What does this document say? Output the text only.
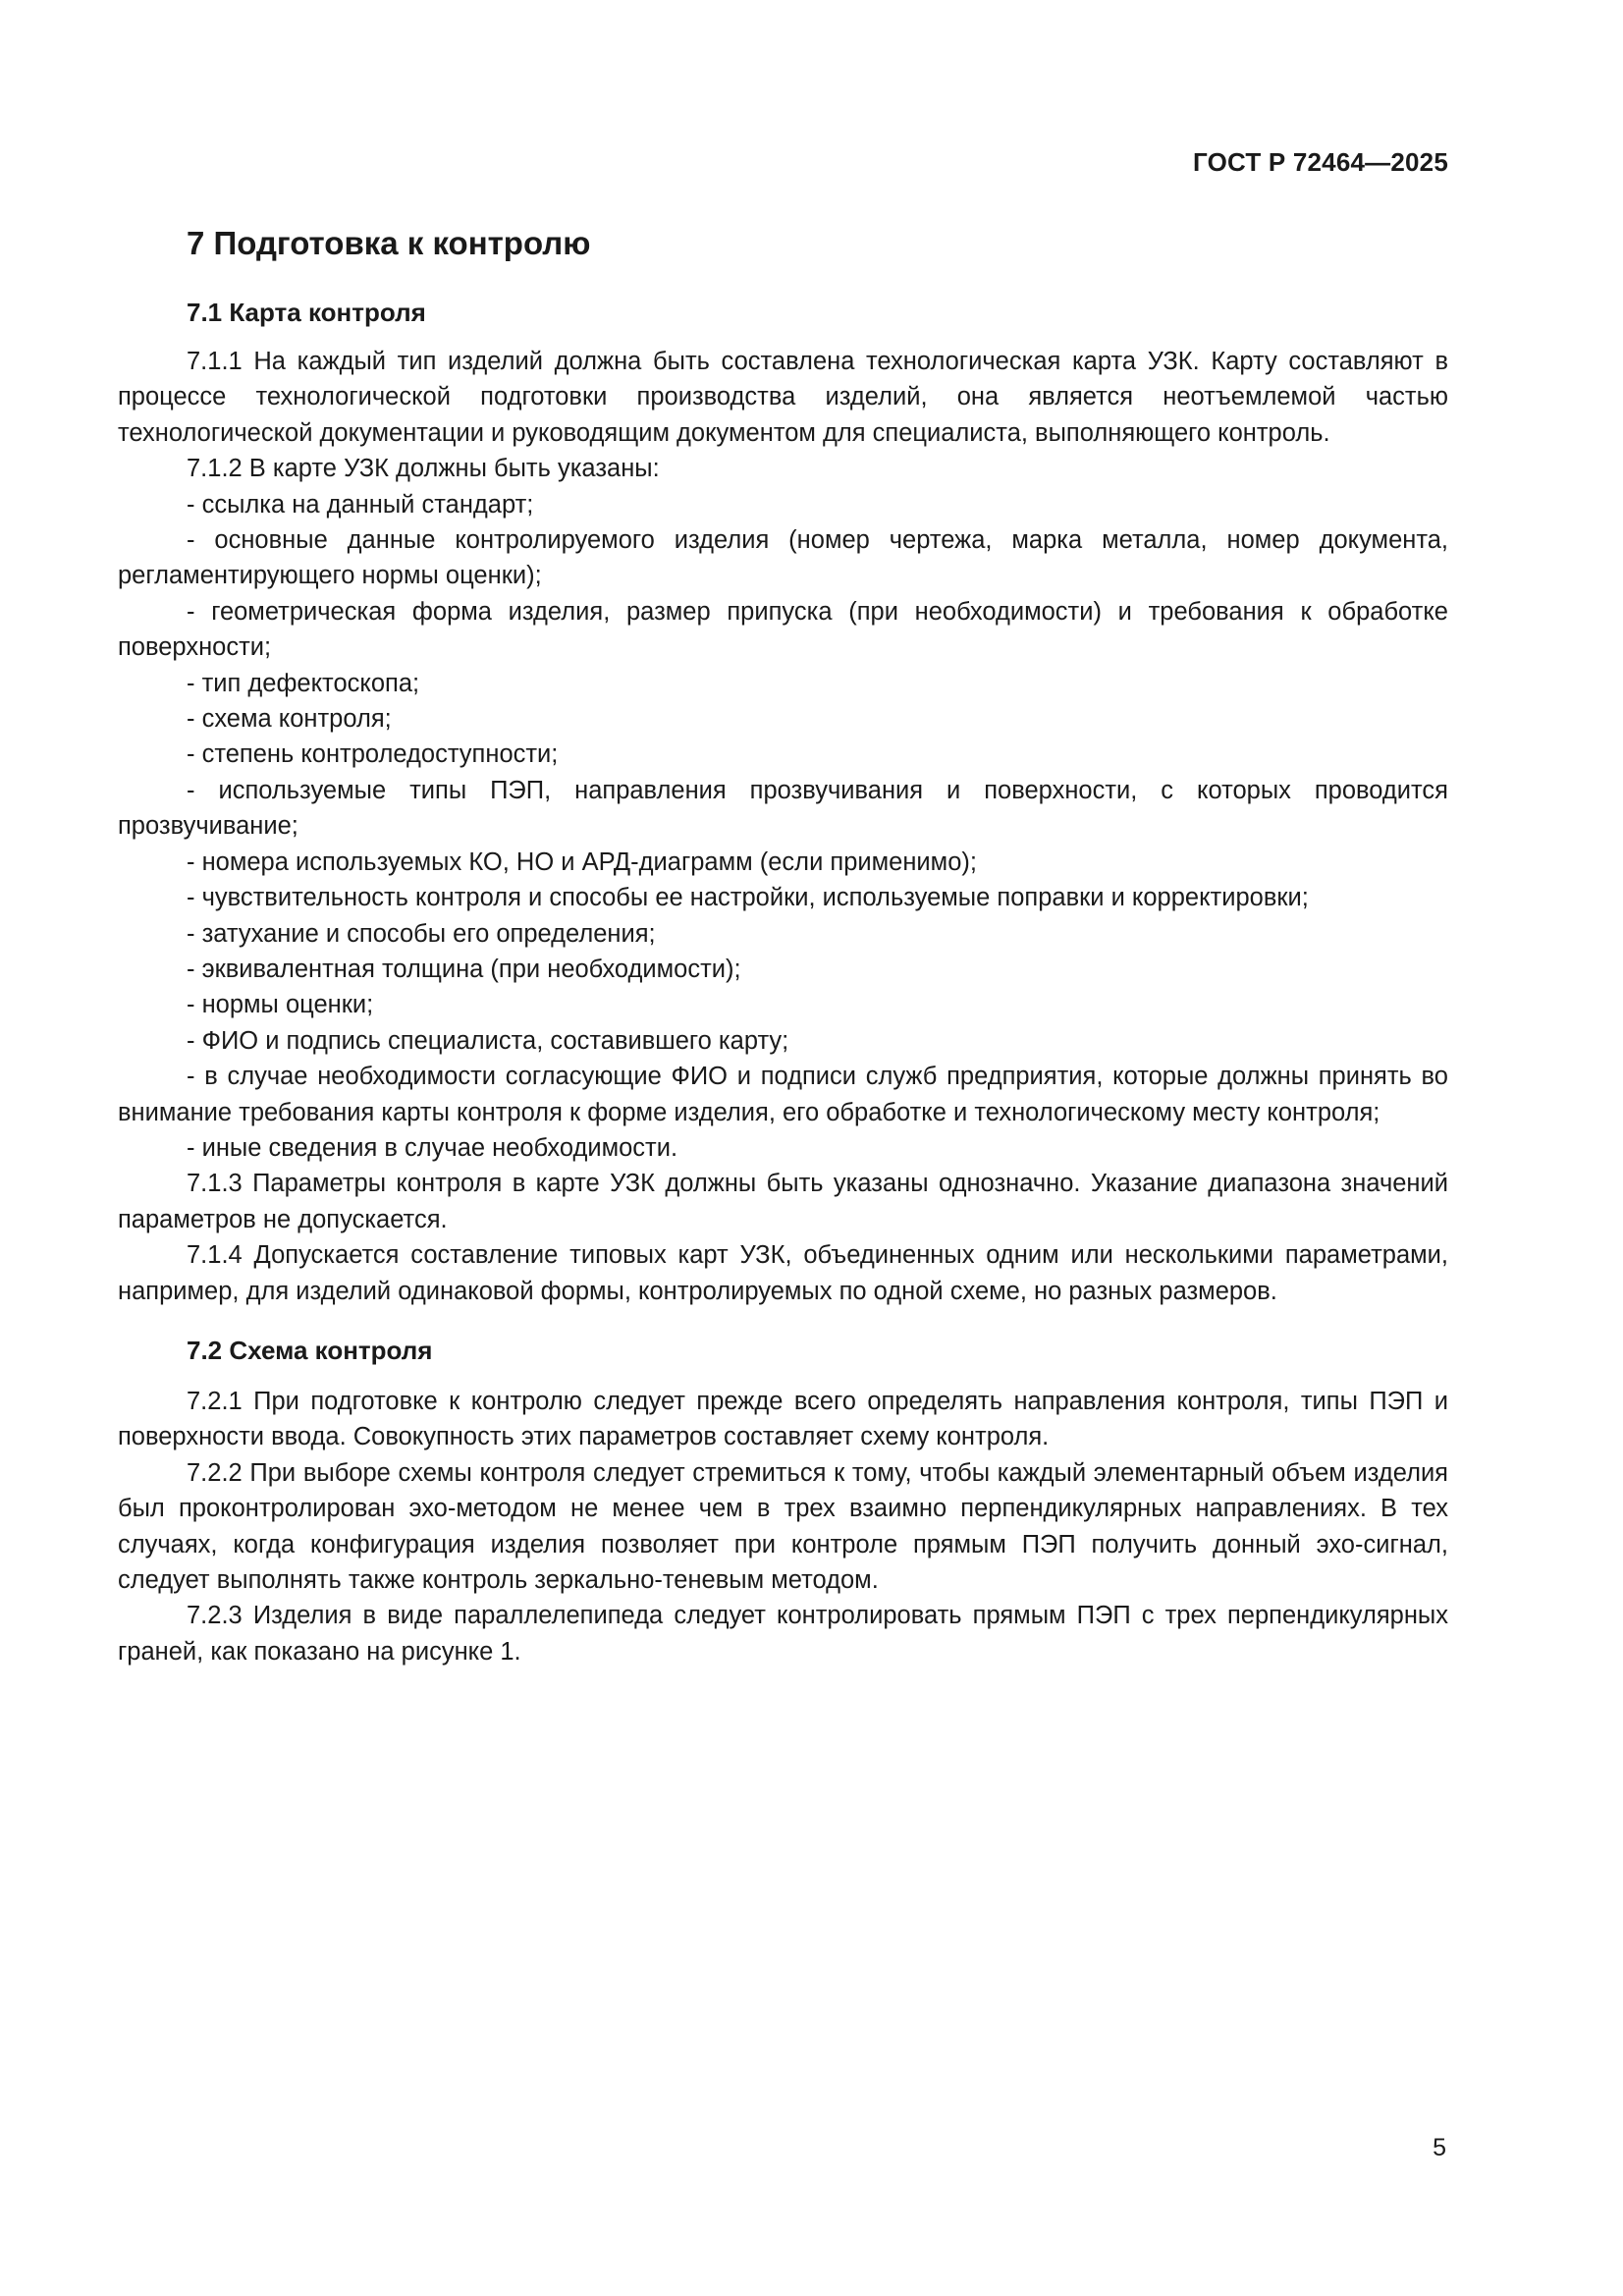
ГОСТ Р 72464—2025
7 Подготовка к контролю
7.1 Карта контроля

7.1.1 На каждый тип изделий должна быть составлена технологическая карта УЗК. Карту составляют в процессе технологической подготовки производства изделий, она является неотъемлемой частью технологической документации и руководящим документом для специалиста, выполняющего контроль.

7.1.2 В карте УЗК должны быть указаны:

- ссылка на данный стандарт;

- основные данные контролируемого изделия (номер чертежа, марка металла, номер документа, регламентирующего нормы оценки);

- геометрическая форма изделия, размер припуска (при необходимости) и требования к обработке поверхности;

- тип дефектоскопа;

- схема контроля;

- степень контроледоступности;

- используемые типы ПЭП, направления прозвучивания и поверхности, с которых проводится прозвучивание;

- номера используемых КО, НО и АРД-диаграмм (если применимо);

- чувствительность контроля и способы ее настройки, используемые поправки и корректировки;

- затухание и способы его определения;

- эквивалентная толщина (при необходимости);

- нормы оценки;

- ФИО и подпись специалиста, составившего карту;

- в случае необходимости согласующие ФИО и подписи служб предприятия, которые должны принять во внимание требования карты контроля к форме изделия, его обработке и технологическому месту контроля;

- иные сведения в случае необходимости.

7.1.3 Параметры контроля в карте УЗК должны быть указаны однозначно. Указание диапазона значений параметров не допускается.

7.1.4 Допускается составление типовых карт УЗК, объединенных одним или несколькими параметрами, например, для изделий одинаковой формы, контролируемых по одной схеме, но разных размеров.

7.2 Схема контроля

7.2.1 При подготовке к контролю следует прежде всего определять направления контроля, типы ПЭП и поверхности ввода. Совокупность этих параметров составляет схему контроля.

7.2.2 При выборе схемы контроля следует стремиться к тому, чтобы каждый элементарный объем изделия был проконтролирован эхо-методом не менее чем в трех взаимно перпендикулярных направлениях. В тех случаях, когда конфигурация изделия позволяет при контроле прямым ПЭП получить донный эхо-сигнал, следует выполнять также контроль зеркально-теневым методом.

7.2.3 Изделия в виде параллелепипеда следует контролировать прямым ПЭП с трех перпендикулярных граней, как показано на рисунке 1.

5
